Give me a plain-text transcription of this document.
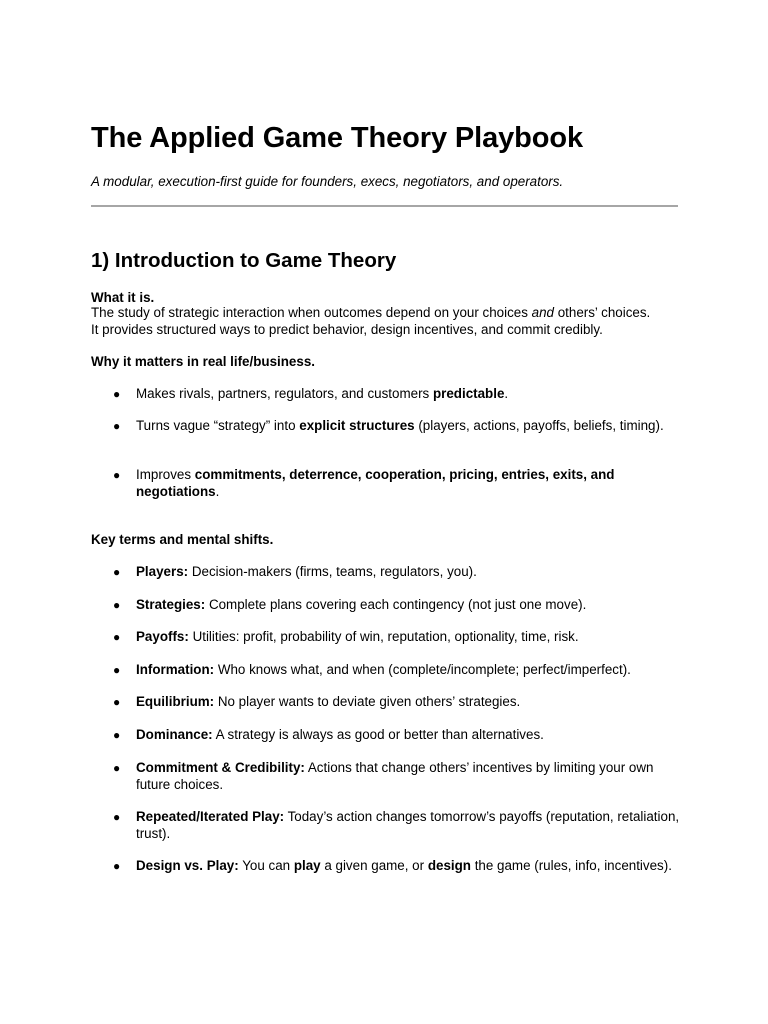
The Applied Game Theory Playbook

A modular, execution-first guide for founders, execs, negotiators, and operators.

1) Introduction to Game Theory

What it is.

The study of strategic interaction when outcomes depend on your choices and others’ choices.
It provides structured ways to predict behavior, design incentives, and commit credibly.

Why it matters in real life/business.

● Makes rivals, partners, regulators, and customers predictable.
● Turns vague “strategy” into explicit structures (players, actions, payoffs, beliefs, timing).
● Improves commitments, deterrence, cooperation, pricing, entries, exits, and negotiations.

Key terms and mental shifts.

● Players: Decision-makers (firms, teams, regulators, you).
● Strategies: Complete plans covering each contingency (not just one move).
● Payoffs: Utilities: profit, probability of win, reputation, optionality, time, risk.
● Information: Who knows what, and when (complete/incomplete; perfect/imperfect).
● Equilibrium: No player wants to deviate given others’ strategies.
● Dominance: A strategy is always as good or better than alternatives.
● Commitment & Credibility: Actions that change others’ incentives by limiting your own future choices.
● Repeated/Iterated Play: Today’s action changes tomorrow’s payoffs (reputation, retaliation, trust).
● Design vs. Play: You can play a given game, or design the game (rules, info, incentives).
